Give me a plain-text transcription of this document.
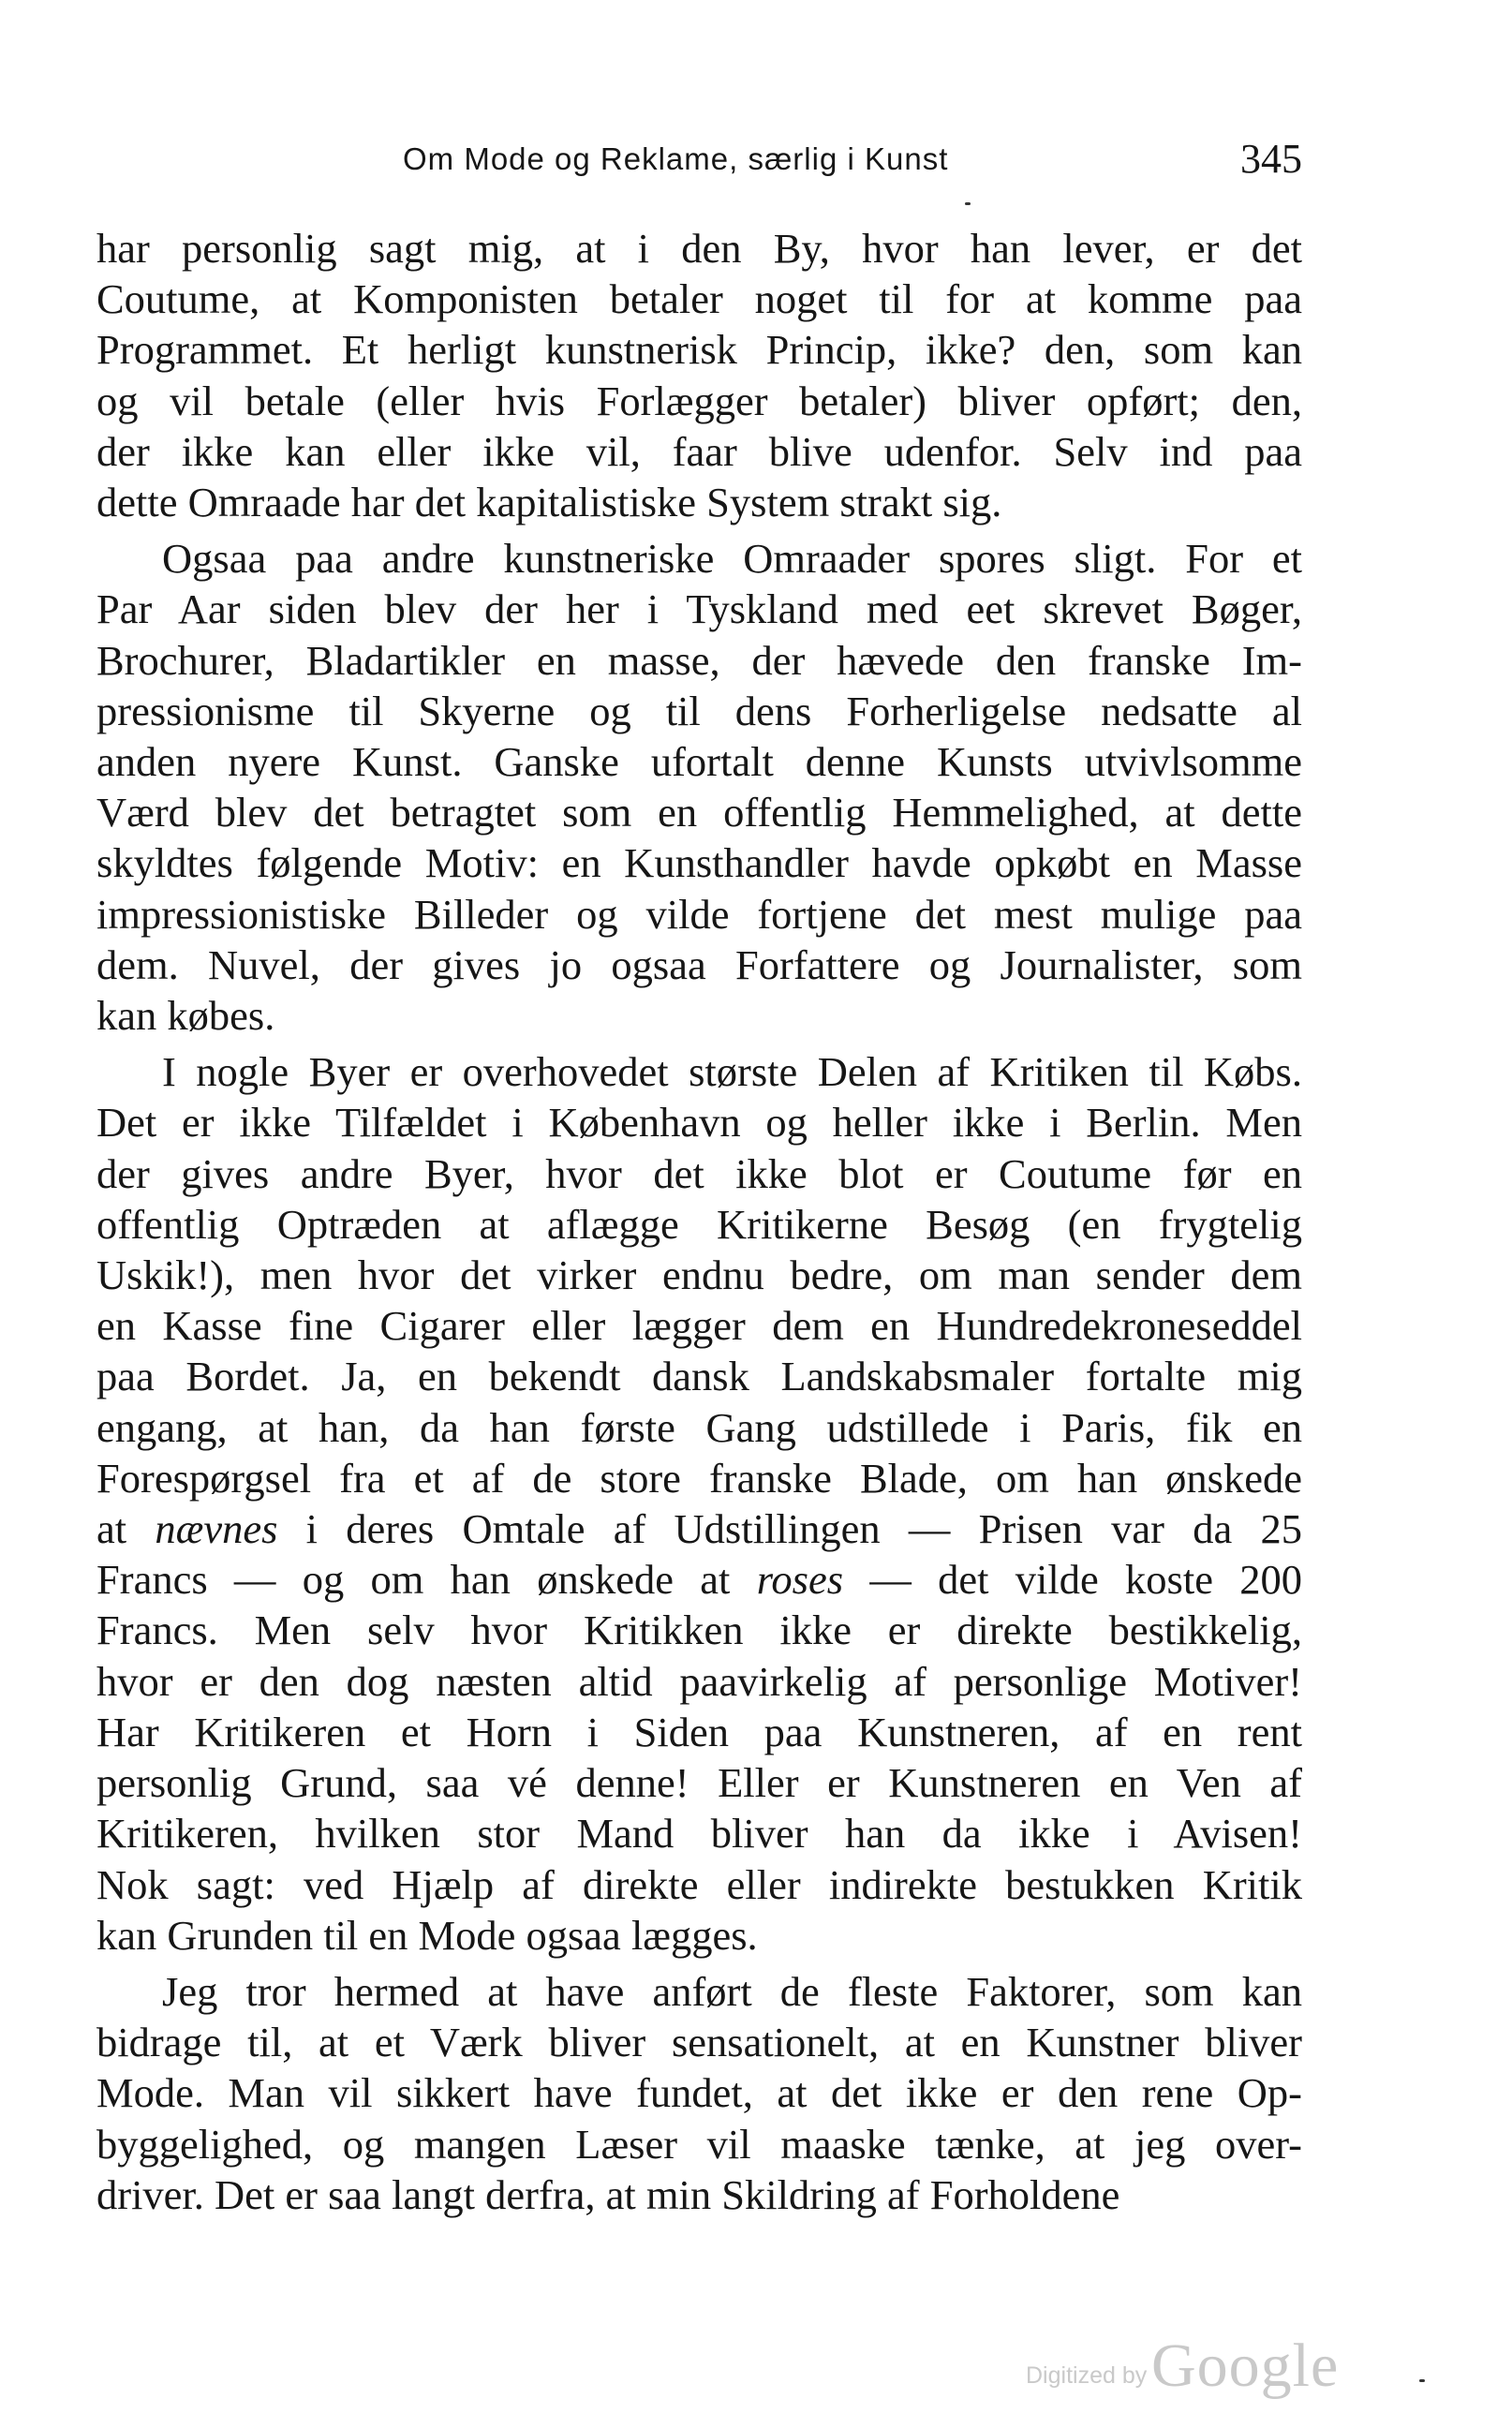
Om Mode og Reklame, særlig i Kunst	345

har personlig sagt mig, at i den By, hvor han lever, er det
Coutume, at Komponisten betaler noget til for at komme paa
Programmet. Et herligt kunstnerisk Princip, ikke? den, som kan
og vil betale (eller hvis Forlægger betaler) bliver opført; den,
der ikke kan eller ikke vil, faar blive udenfor. Selv ind paa
dette Omraade har det kapitalistiske System strakt sig.

Ogsaa paa andre kunstneriske Omraader spores sligt. For et
Par Aar siden blev der her i Tyskland med eet skrevet Bøger,
Brochurer, Bladartikler en masse, der hævede den franske Im-
pressionisme til Skyerne og til dens Forherligelse nedsatte al
anden nyere Kunst. Ganske ufortalt denne Kunsts utvivlsomme
Værd blev det betragtet som en offentlig Hemmelighed, at dette
skyldtes følgende Motiv: en Kunsthandler havde opkøbt en Masse
impressionistiske Billeder og vilde fortjene det mest mulige paa
dem. Nuvel, der gives jo ogsaa Forfattere og Journalister, som
kan købes.

I nogle Byer er overhovedet største Delen af Kritiken til Købs.
Det er ikke Tilfældet i København og heller ikke i Berlin. Men
der gives andre Byer, hvor det ikke blot er Coutume før en
offentlig Optræden at aflægge Kritikerne Besøg (en frygtelig
Uskik!), men hvor det virker endnu bedre, om man sender dem
en Kasse fine Cigarer eller lægger dem en Hundredekroneseddel
paa Bordet. Ja, en bekendt dansk Landskabsmaler fortalte mig
engang, at han, da han første Gang udstillede i Paris, fik en
Forespørgsel fra et af de store franske Blade, om han ønskede
at nævnes i deres Omtale af Udstillingen — Prisen var da 25
Francs — og om han ønskede at roses — det vilde koste 200
Francs. Men selv hvor Kritikken ikke er direkte bestikkelig,
hvor er den dog næsten altid paavirkelig af personlige Motiver!
Har Kritikeren et Horn i Siden paa Kunstneren, af en rent
personlig Grund, saa vé denne! Eller er Kunstneren en Ven af
Kritikeren, hvilken stor Mand bliver han da ikke i Avisen!
Nok sagt: ved Hjælp af direkte eller indirekte bestukken Kritik
kan Grunden til en Mode ogsaa lægges.

Jeg tror hermed at have anført de fleste Faktorer, som kan
bidrage til, at et Værk bliver sensationelt, at en Kunstner bliver
Mode. Man vil sikkert have fundet, at det ikke er den rene Op-
byggelighed, og mangen Læser vil maaske tænke, at jeg over-
driver. Det er saa langt derfra, at min Skildring af Forholdene

Digitized by Google
